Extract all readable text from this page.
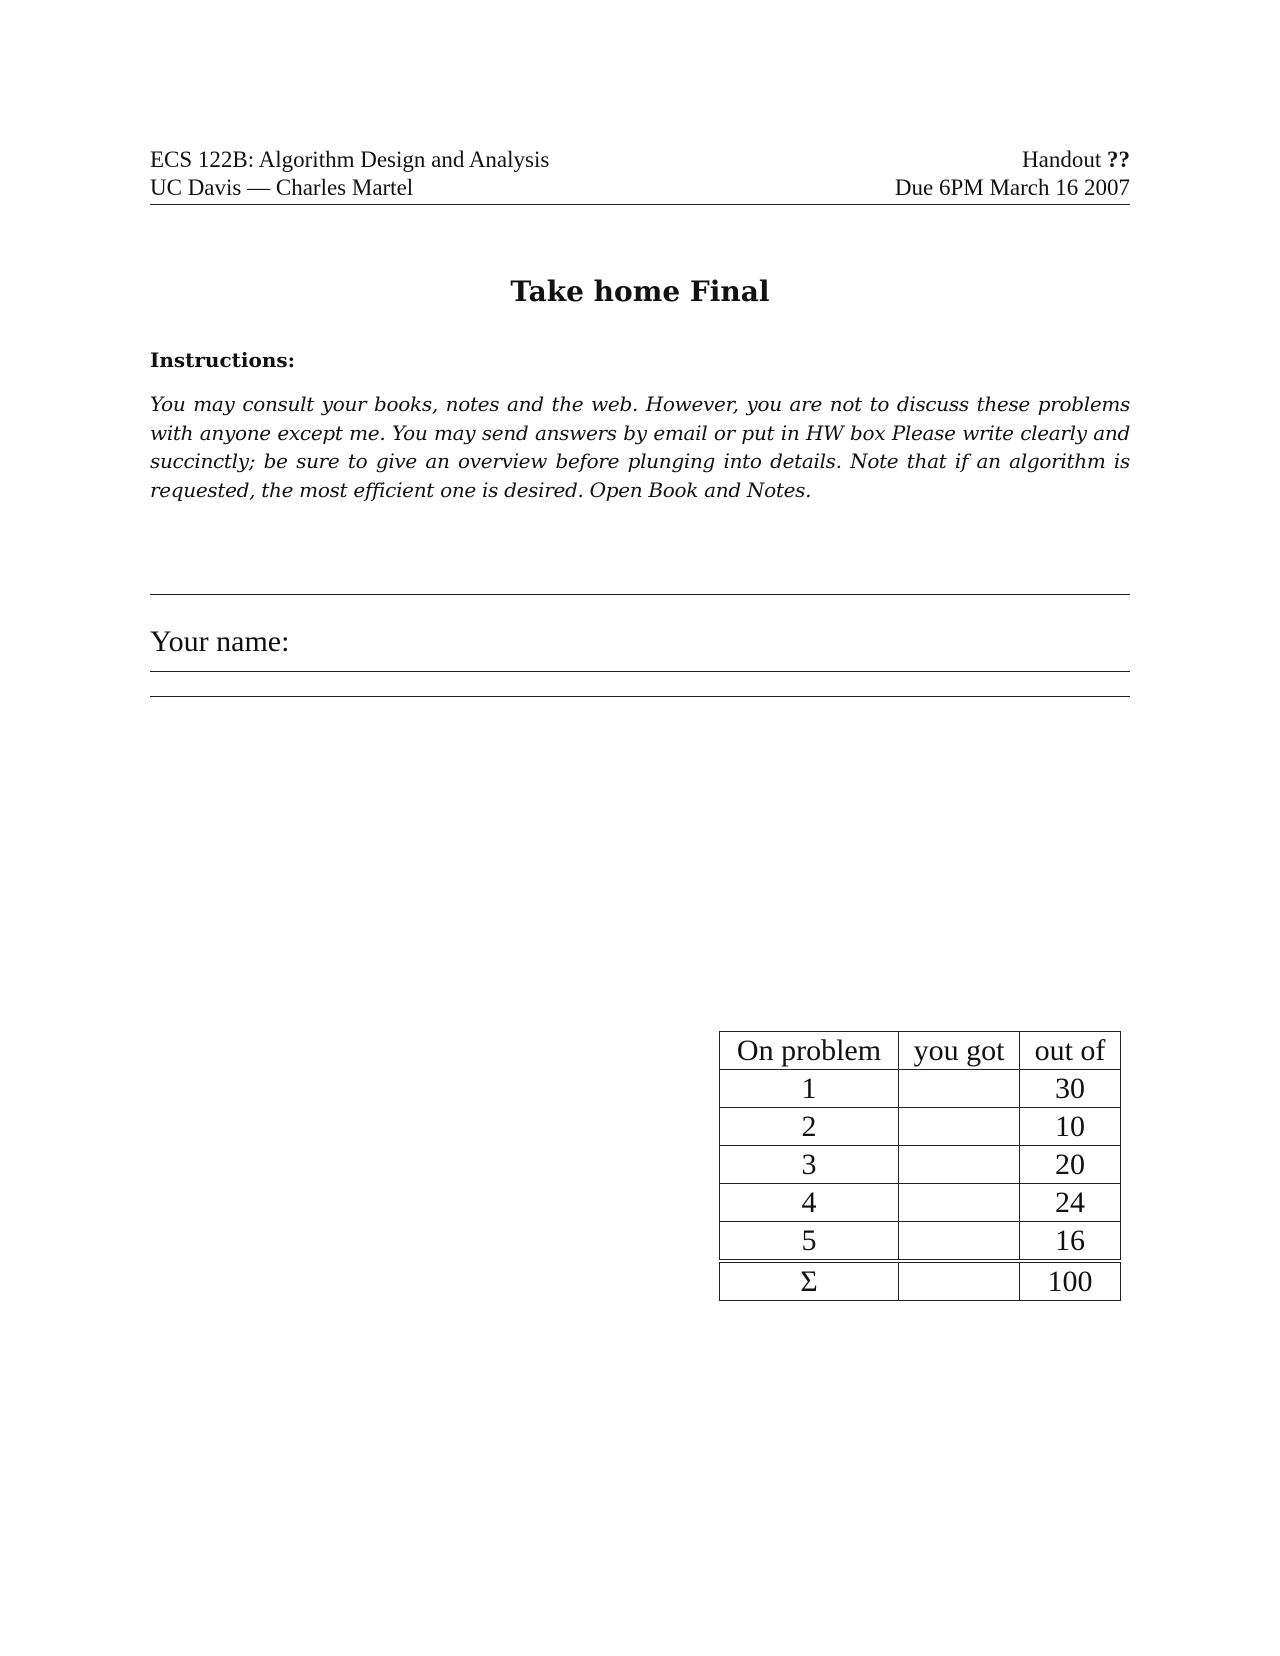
ECS 122B: Algorithm Design and Analysis
UC Davis — Charles Martel
Handout ??
Due 6PM March 16 2007
Take home Final
Instructions:
You may consult your books, notes and the web. However, you are not to discuss these problems with anyone except me. You may send answers by email or put in HW box Please write clearly and succinctly; be sure to give an overview before plunging into details. Note that if an algorithm is requested, the most efficient one is desired. Open Book and Notes.
Your name:
On problem	you got	out of
1		30
2		10
3		20
4		24
5		16
Σ		100
